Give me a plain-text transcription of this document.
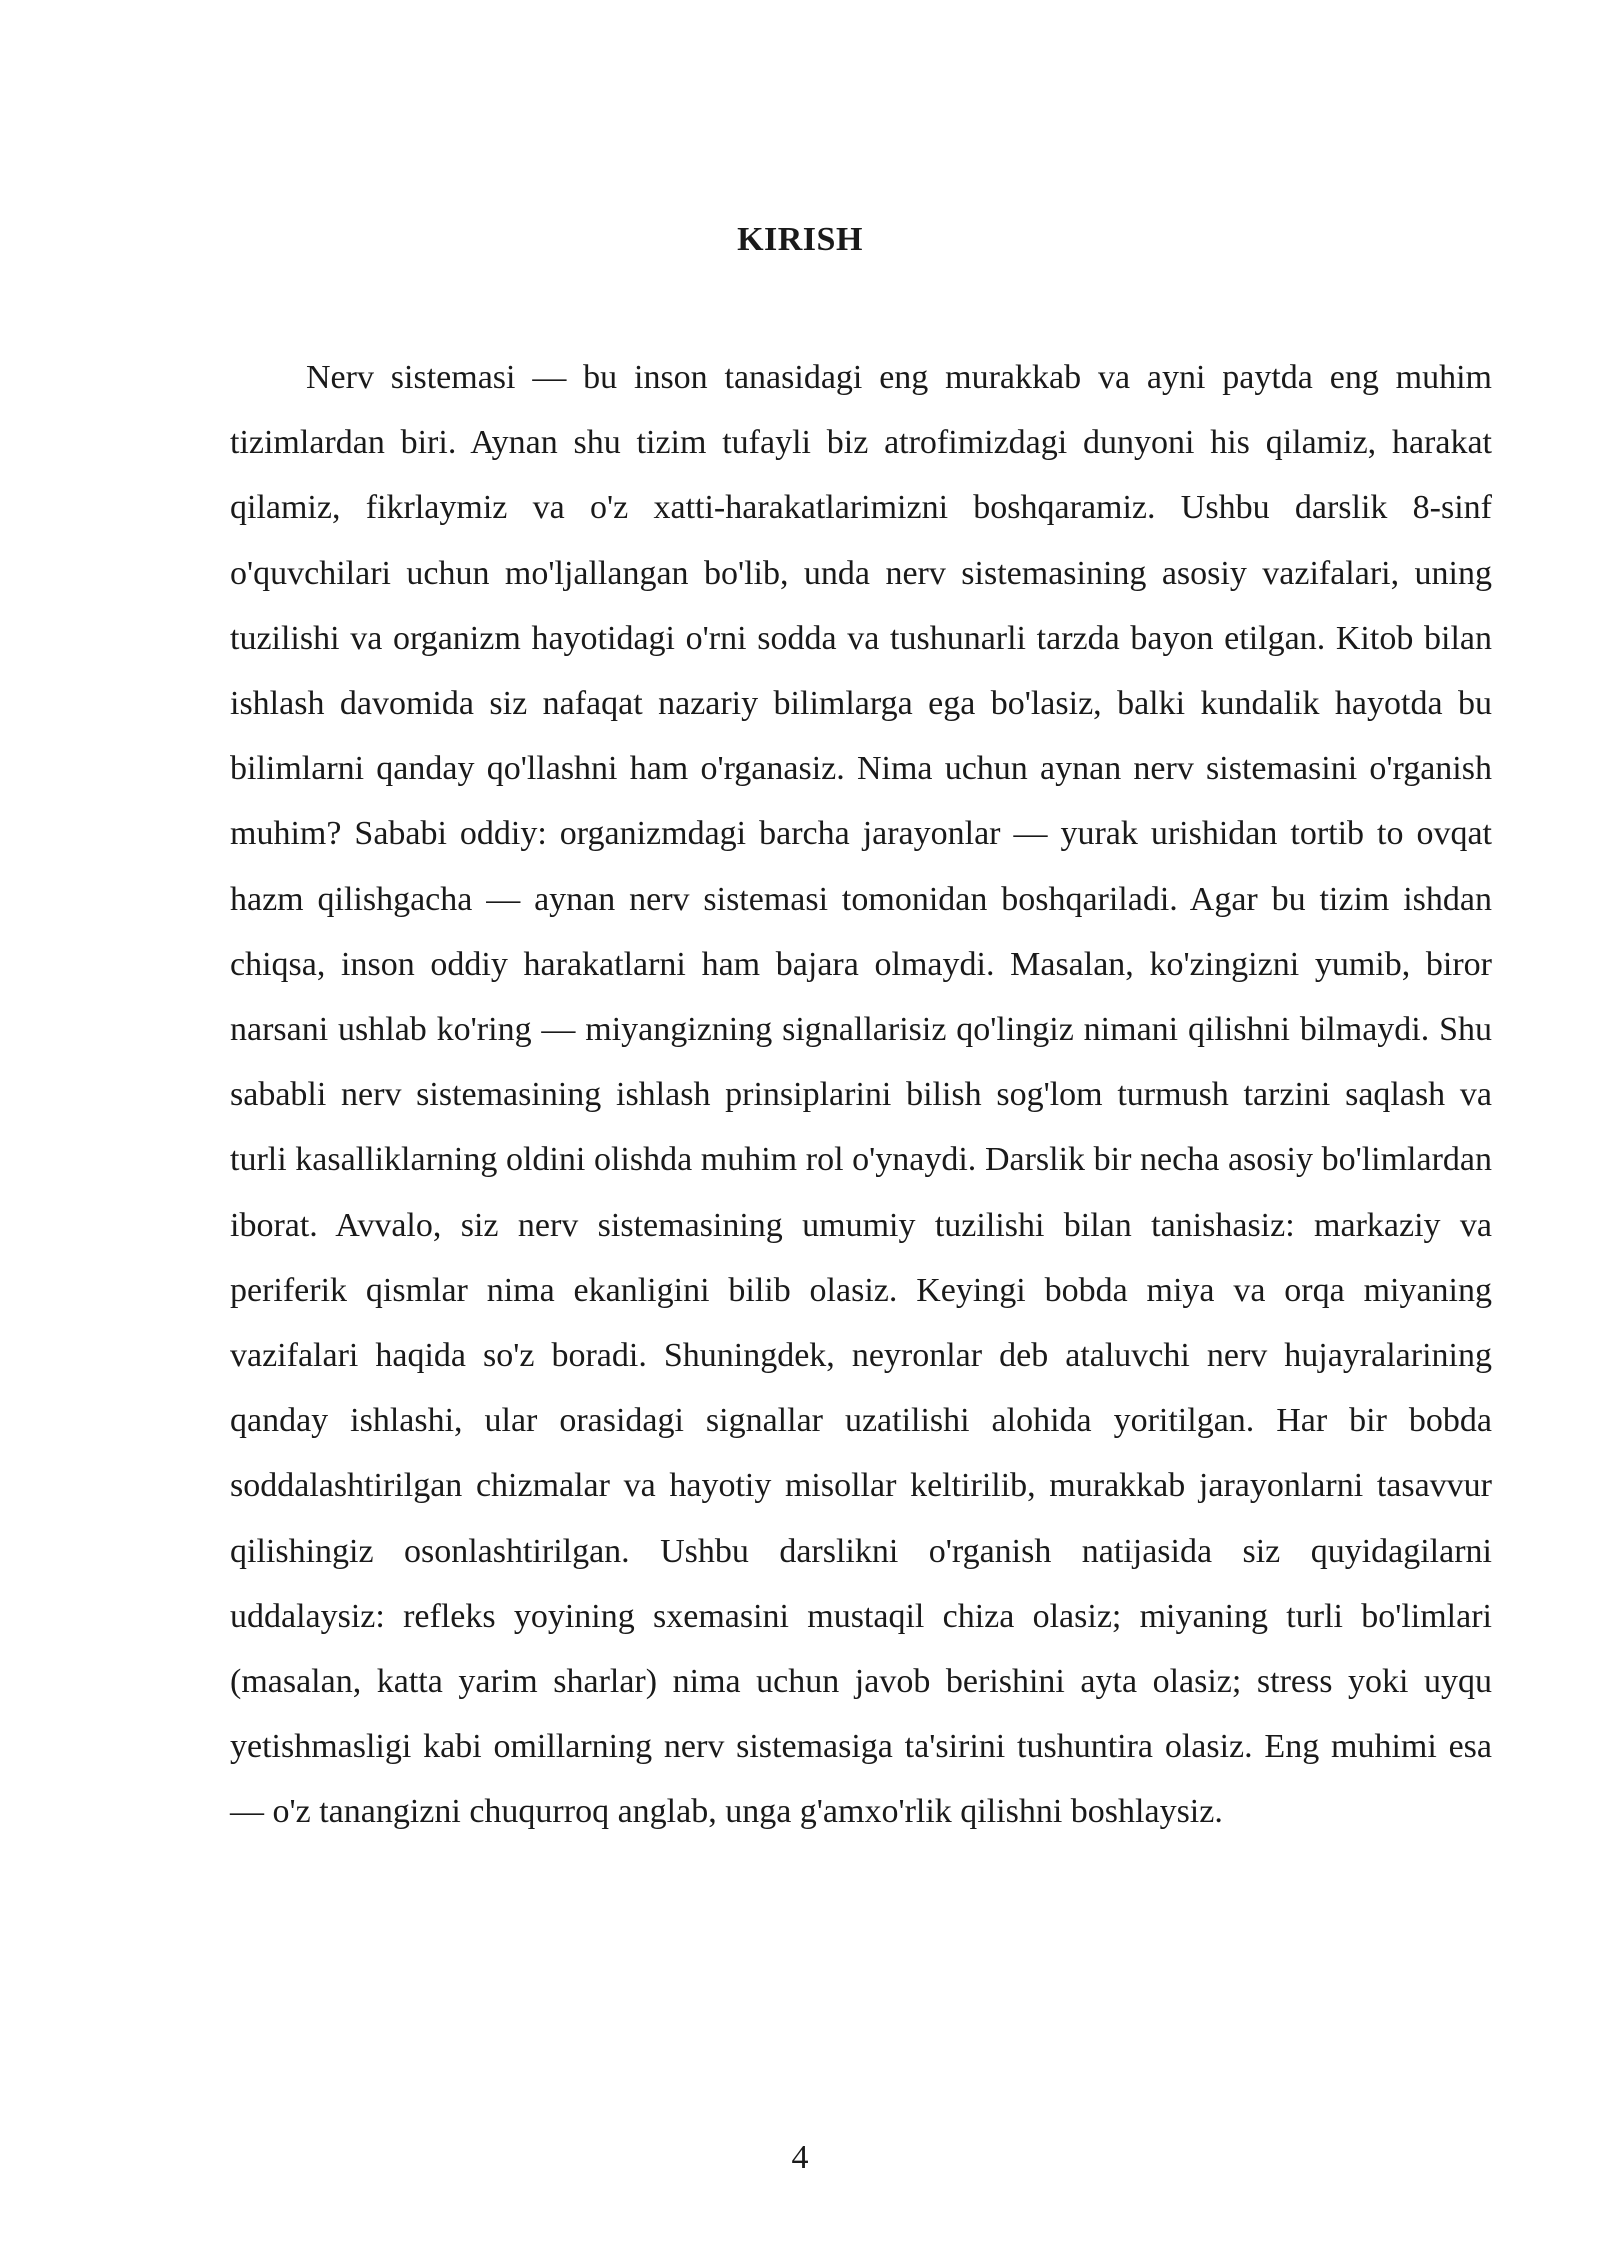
KIRISH

Nerv sistemasi — bu inson tanasidagi eng murakkab va ayni paytda eng muhim tizimlardan biri. Aynan shu tizim tufayli biz atrofimizdagi dunyoni his qilamiz, harakat qilamiz, fikrlaymiz va o'z xatti-harakatlarimizni boshqaramiz. Ushbu darslik 8-sinf o'quvchilari uchun mo'ljallangan bo'lib, unda nerv sistemasining asosiy vazifalari, uning tuzilishi va organizm hayotidagi o'rni sodda va tushunarli tarzda bayon etilgan. Kitob bilan ishlash davomida siz nafaqat nazariy bilimlarga ega bo'lasiz, balki kundalik hayotda bu bilimlarni qanday qo'llashni ham o'rganasiz. Nima uchun aynan nerv sistemasini o'rganish muhim? Sababi oddiy: organizmdagi barcha jarayonlar — yurak urishidan tortib to ovqat hazm qilishgacha — aynan nerv sistemasi tomonidan boshqariladi. Agar bu tizim ishdan chiqsa, inson oddiy harakatlarni ham bajara olmaydi. Masalan, ko'zingizni yumib, biror narsani ushlab ko'ring — miyangizning signallarisiz qo'lingiz nimani qilishni bilmaydi. Shu sababli nerv sistemasining ishlash prinsiplarini bilish sog'lom turmush tarzini saqlash va turli kasalliklarning oldini olishda muhim rol o'ynaydi. Darslik bir necha asosiy bo'limlardan iborat. Avvalo, siz nerv sistemasining umumiy tuzilishi bilan tanishasiz: markaziy va periferik qismlar nima ekanligini bilib olasiz. Keyingi bobda miya va orqa miyaning vazifalari haqida so'z boradi. Shuningdek, neyronlar deb ataluvchi nerv hujayralarining qanday ishlashi, ular orasidagi signallar uzatilishi alohida yoritilgan. Har bir bobda soddalashtirilgan chizmalar va hayotiy misollar keltirilib, murakkab jarayonlarni tasavvur qilishingiz osonlashtirilgan. Ushbu darslikni o'rganish natijasida siz quyidagilarni uddalaysiz: refleks yoyining sxemasini mustaqil chiza olasiz; miyaning turli bo'limlari (masalan, katta yarim sharlar) nima uchun javob berishini ayta olasiz; stress yoki uyqu yetishmasligi kabi omillarning nerv sistemasiga ta'sirini tushuntira olasiz. Eng muhimi esa — o'z tanangizni chuqurroq anglab, unga g'amxo'rlik qilishni boshlaysiz.

4
